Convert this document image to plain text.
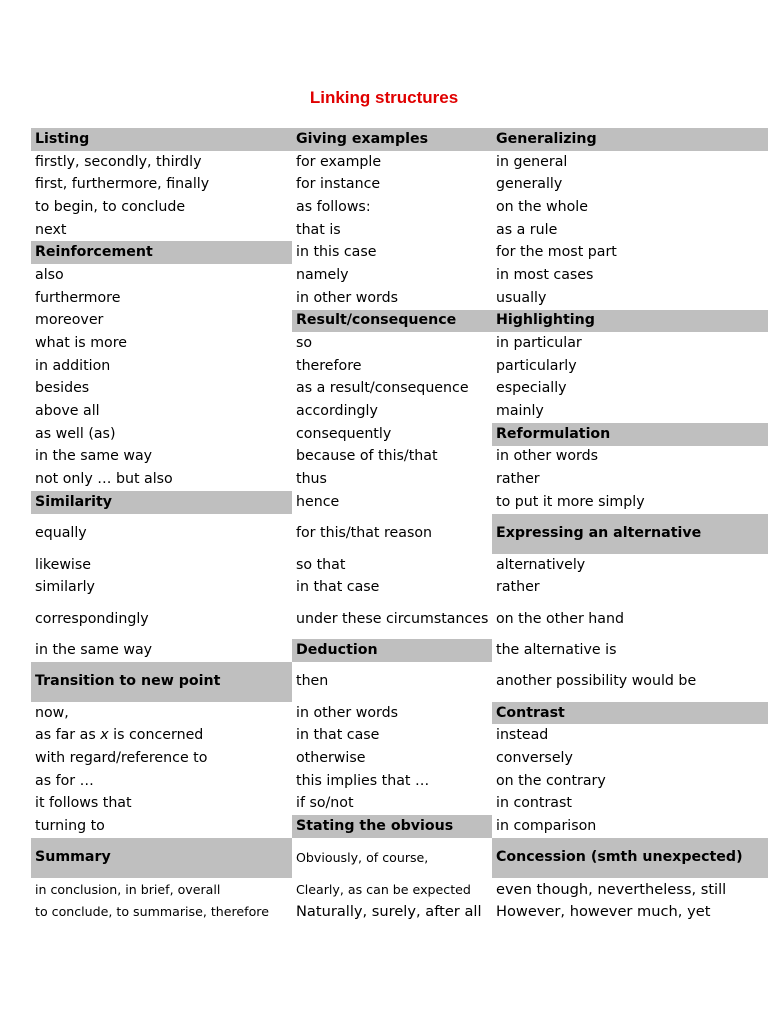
Linking structures
Listing	Giving examples	Generalizing
firstly, secondly, thirdly	for example	in general
first, furthermore, finally	for instance	generally
to begin, to conclude	as follows:	on the whole
next	that is	as a rule
Reinforcement	in this case	for the most part
also	namely	in most cases
furthermore	in other words	usually
moreover	Result/consequence	Highlighting
what is more	so	in particular
in addition	therefore	particularly
besides	as a result/consequence	especially
above all	accordingly	mainly
as well (as)	consequently	Reformulation
in the same way	because of this/that	in other words
not only … but also	thus	rather
Similarity	hence	to put it more simply
equally	for this/that reason	Expressing an alternative
likewise	so that	alternatively
similarly	in that case	rather
correspondingly	under these circumstances	on the other hand
in the same way	Deduction	the alternative is
Transition to new point	then	another possibility would be
now,	in other words	Contrast
as far as x is concerned	in that case	instead
with regard/reference to	otherwise	conversely
as for …	this implies that …	on the contrary
it follows that	if so/not	in contrast
turning to	Stating the obvious	in comparison
Summary	Obviously, of course,	Concession (smth unexpected)
in conclusion, in brief, overall	Clearly, as can be expected	even though, nevertheless, still
to conclude, to summarise, therefore	Naturally, surely, after all	However, however much, yet
